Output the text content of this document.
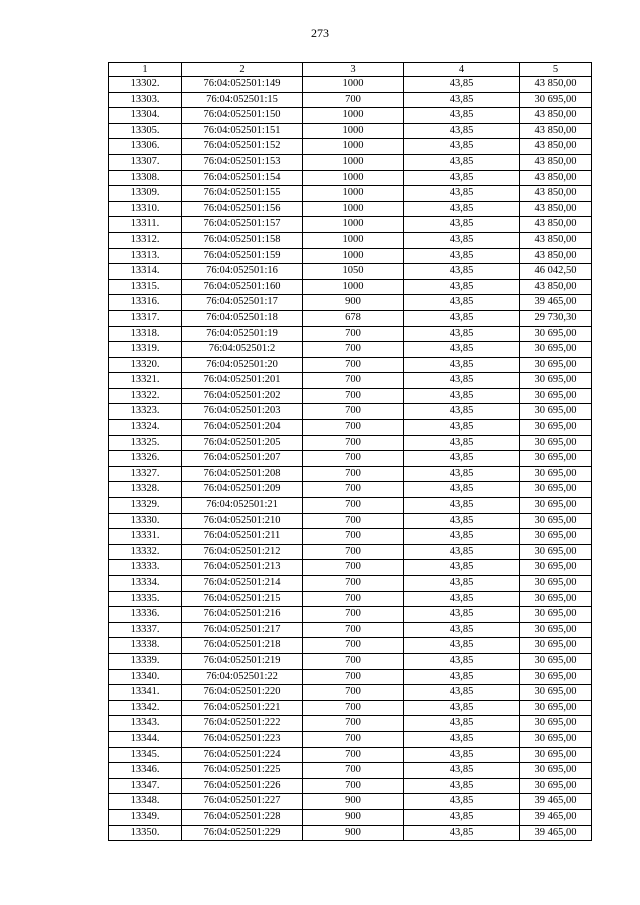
273
1	2	3	4	5
13302.	76:04:052501:149	1000	43,85	43 850,00
13303.	76:04:052501:15	700	43,85	30 695,00
13304.	76:04:052501:150	1000	43,85	43 850,00
13305.	76:04:052501:151	1000	43,85	43 850,00
13306.	76:04:052501:152	1000	43,85	43 850,00
13307.	76:04:052501:153	1000	43,85	43 850,00
13308.	76:04:052501:154	1000	43,85	43 850,00
13309.	76:04:052501:155	1000	43,85	43 850,00
13310.	76:04:052501:156	1000	43,85	43 850,00
13311.	76:04:052501:157	1000	43,85	43 850,00
13312.	76:04:052501:158	1000	43,85	43 850,00
13313.	76:04:052501:159	1000	43,85	43 850,00
13314.	76:04:052501:16	1050	43,85	46 042,50
13315.	76:04:052501:160	1000	43,85	43 850,00
13316.	76:04:052501:17	900	43,85	39 465,00
13317.	76:04:052501:18	678	43,85	29 730,30
13318.	76:04:052501:19	700	43,85	30 695,00
13319.	76:04:052501:2	700	43,85	30 695,00
13320.	76:04:052501:20	700	43,85	30 695,00
13321.	76:04:052501:201	700	43,85	30 695,00
13322.	76:04:052501:202	700	43,85	30 695,00
13323.	76:04:052501:203	700	43,85	30 695,00
13324.	76:04:052501:204	700	43,85	30 695,00
13325.	76:04:052501:205	700	43,85	30 695,00
13326.	76:04:052501:207	700	43,85	30 695,00
13327.	76:04:052501:208	700	43,85	30 695,00
13328.	76:04:052501:209	700	43,85	30 695,00
13329.	76:04:052501:21	700	43,85	30 695,00
13330.	76:04:052501:210	700	43,85	30 695,00
13331.	76:04:052501:211	700	43,85	30 695,00
13332.	76:04:052501:212	700	43,85	30 695,00
13333.	76:04:052501:213	700	43,85	30 695,00
13334.	76:04:052501:214	700	43,85	30 695,00
13335.	76:04:052501:215	700	43,85	30 695,00
13336.	76:04:052501:216	700	43,85	30 695,00
13337.	76:04:052501:217	700	43,85	30 695,00
13338.	76:04:052501:218	700	43,85	30 695,00
13339.	76:04:052501:219	700	43,85	30 695,00
13340.	76:04:052501:22	700	43,85	30 695,00
13341.	76:04:052501:220	700	43,85	30 695,00
13342.	76:04:052501:221	700	43,85	30 695,00
13343.	76:04:052501:222	700	43,85	30 695,00
13344.	76:04:052501:223	700	43,85	30 695,00
13345.	76:04:052501:224	700	43,85	30 695,00
13346.	76:04:052501:225	700	43,85	30 695,00
13347.	76:04:052501:226	700	43,85	30 695,00
13348.	76:04:052501:227	900	43,85	39 465,00
13349.	76:04:052501:228	900	43,85	39 465,00
13350.	76:04:052501:229	900	43,85	39 465,00
